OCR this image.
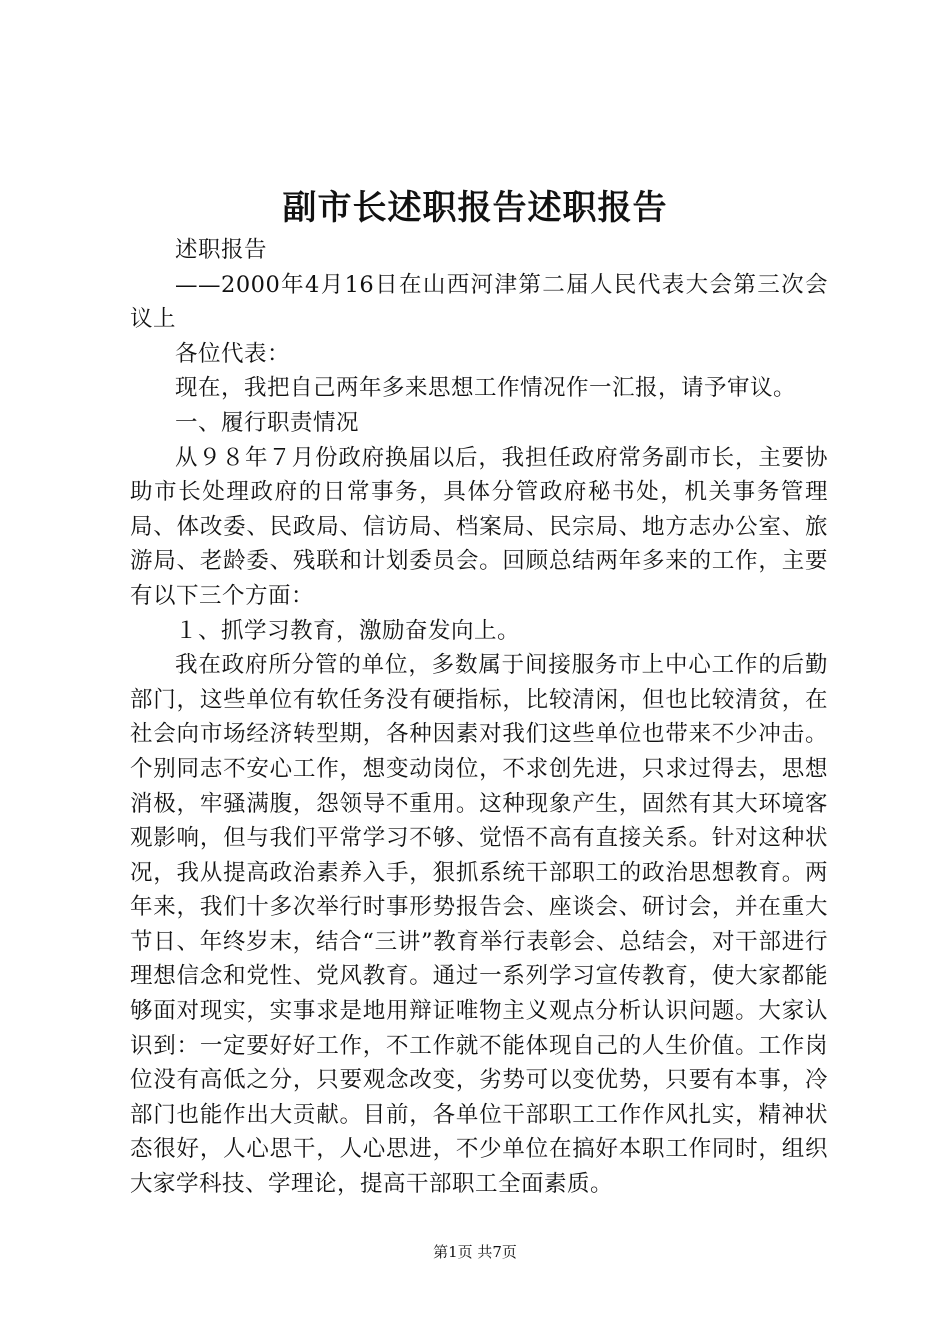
副市长述职报告述职报告

述职报告

——2000年4月16日在山西河津第二届人民代表大会第三次会议上

各位代表：

现在，我把自己两年多来思想工作情况作一汇报，请予审议。

一、履行职责情况

从９８年７月份政府换届以后，我担任政府常务副市长，主要协助市长处理政府的日常事务，具体分管政府秘书处，机关事务管理局、体改委、民政局、信访局、档案局、民宗局、地方志办公室、旅游局、老龄委、残联和计划委员会。回顾总结两年多来的工作，主要有以下三个方面：

１、抓学习教育，激励奋发向上。

我在政府所分管的单位，多数属于间接服务市上中心工作的后勤部门，这些单位有软任务没有硬指标，比较清闲，但也比较清贫，在社会向市场经济转型期，各种因素对我们这些单位也带来不少冲击。个别同志不安心工作，想变动岗位，不求创先进，只求过得去，思想消极，牢骚满腹，怨领导不重用。这种现象产生，固然有其大环境客观影响，但与我们平常学习不够、觉悟不高有直接关系。针对这种状况，我从提高政治素养入手，狠抓系统干部职工的政治思想教育。两年来，我们十多次举行时事形势报告会、座谈会、研讨会，并在重大节日、年终岁末，结合“三讲”教育举行表彰会、总结会，对干部进行理想信念和党性、党风教育。通过一系列学习宣传教育，使大家都能够面对现实，实事求是地用辩证唯物主义观点分析认识问题。大家认识到：一定要好好工作，不工作就不能体现自己的人生价值。工作岗位没有高低之分，只要观念改变，劣势可以变优势，只要有本事，冷部门也能作出大贡献。目前，各单位干部职工工作作风扎实，精神状态很好，人心思干，人心思进，不少单位在搞好本职工作同时，组织大家学科技、学理论，提高干部职工全面素质。

第1页 共7页
